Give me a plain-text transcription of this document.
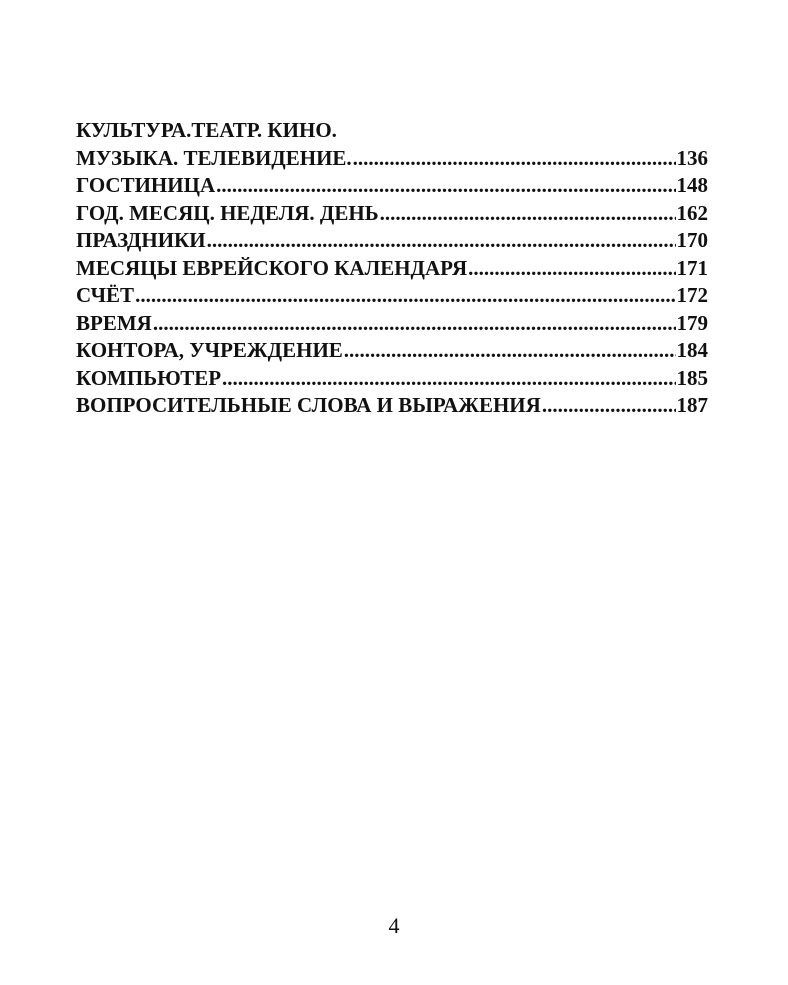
КУЛЬТУРА.ТЕАТР. КИНО.
МУЗЫКА. ТЕЛЕВИДЕНИЕ. .....	136
ГОСТИНИЦА .....	148
ГОД. МЕСЯЦ. НЕДЕЛЯ. ДЕНЬ .....	162
ПРАЗДНИКИ .....	170
МЕСЯЦЫ ЕВРЕЙСКОГО КАЛЕНДАРЯ .....	171
СЧЁТ .....	172
ВРЕМЯ .....	179
КОНТОРА, УЧРЕЖДЕНИЕ .....	184
КОМПЬЮТЕР .....	185
ВОПРОСИТЕЛЬНЫЕ СЛОВА И ВЫРАЖЕНИЯ .....	187
4
